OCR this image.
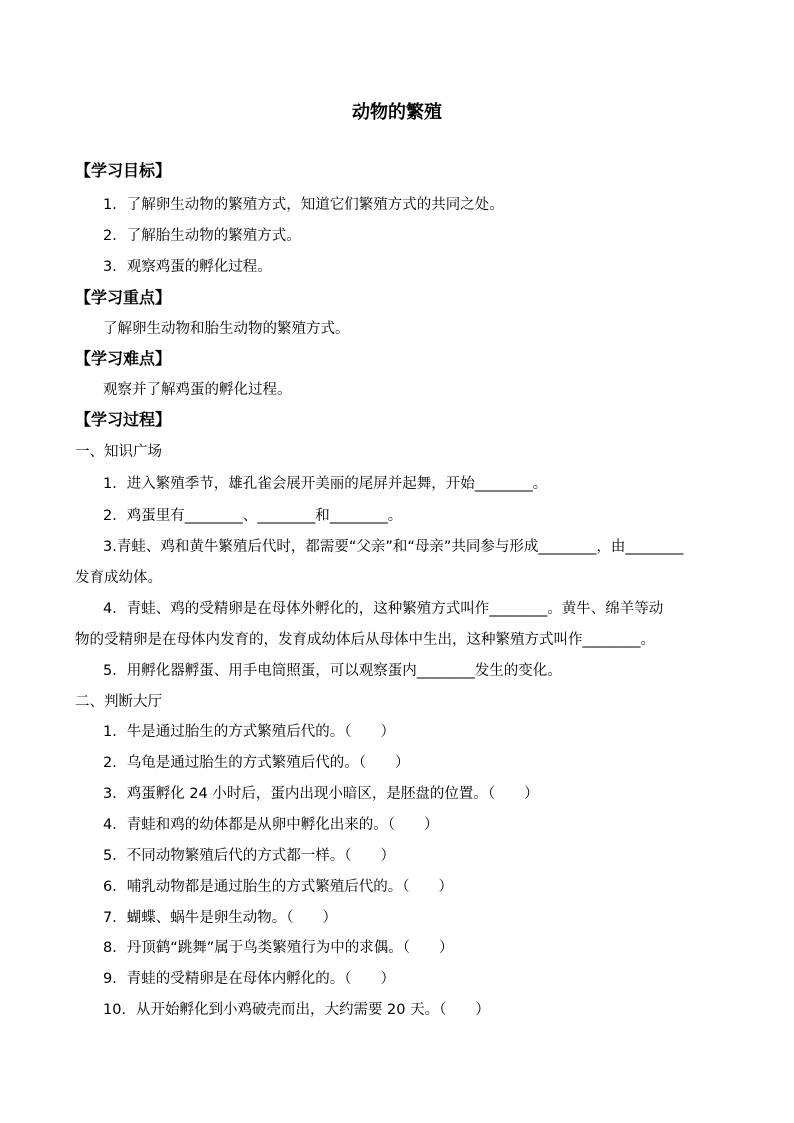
动物的繁殖
【学习目标】
1．了解卵生动物的繁殖方式，知道它们繁殖方式的共同之处。
2．了解胎生动物的繁殖方式。
3．观察鸡蛋的孵化过程。
【学习重点】
了解卵生动物和胎生动物的繁殖方式。
【学习难点】
观察并了解鸡蛋的孵化过程。
【学习过程】
一、知识广场
1．进入繁殖季节，雄孔雀会展开美丽的尾屏并起舞，开始________。
2．鸡蛋里有________、________和________。
3.青蛙、鸡和黄牛繁殖后代时，都需要“父亲”和“母亲”共同参与形成________，由________
发育成幼体。
4．青蛙、鸡的受精卵是在母体外孵化的，这种繁殖方式叫作________。黄牛、绵羊等动
物的受精卵是在母体内发育的，发育成幼体后从母体中生出，这种繁殖方式叫作________。
5．用孵化器孵蛋、用手电筒照蛋，可以观察蛋内________发生的变化。
二、判断大厅
1．牛是通过胎生的方式繁殖后代的。（　　）
2．乌龟是通过胎生的方式繁殖后代的。（　　）
3．鸡蛋孵化 24 小时后，蛋内出现小暗区，是胚盘的位置。（　　）
4．青蛙和鸡的幼体都是从卵中孵化出来的。（　　）
5．不同动物繁殖后代的方式都一样。（　　）
6．哺乳动物都是通过胎生的方式繁殖后代的。（　　）
7．蝴蝶、蜗牛是卵生动物。（　　）
8．丹顶鹤“跳舞”属于鸟类繁殖行为中的求偶。（　　）
9．青蛙的受精卵是在母体内孵化的。（　　）
10．从开始孵化到小鸡破壳而出，大约需要 20 天。（　　）
